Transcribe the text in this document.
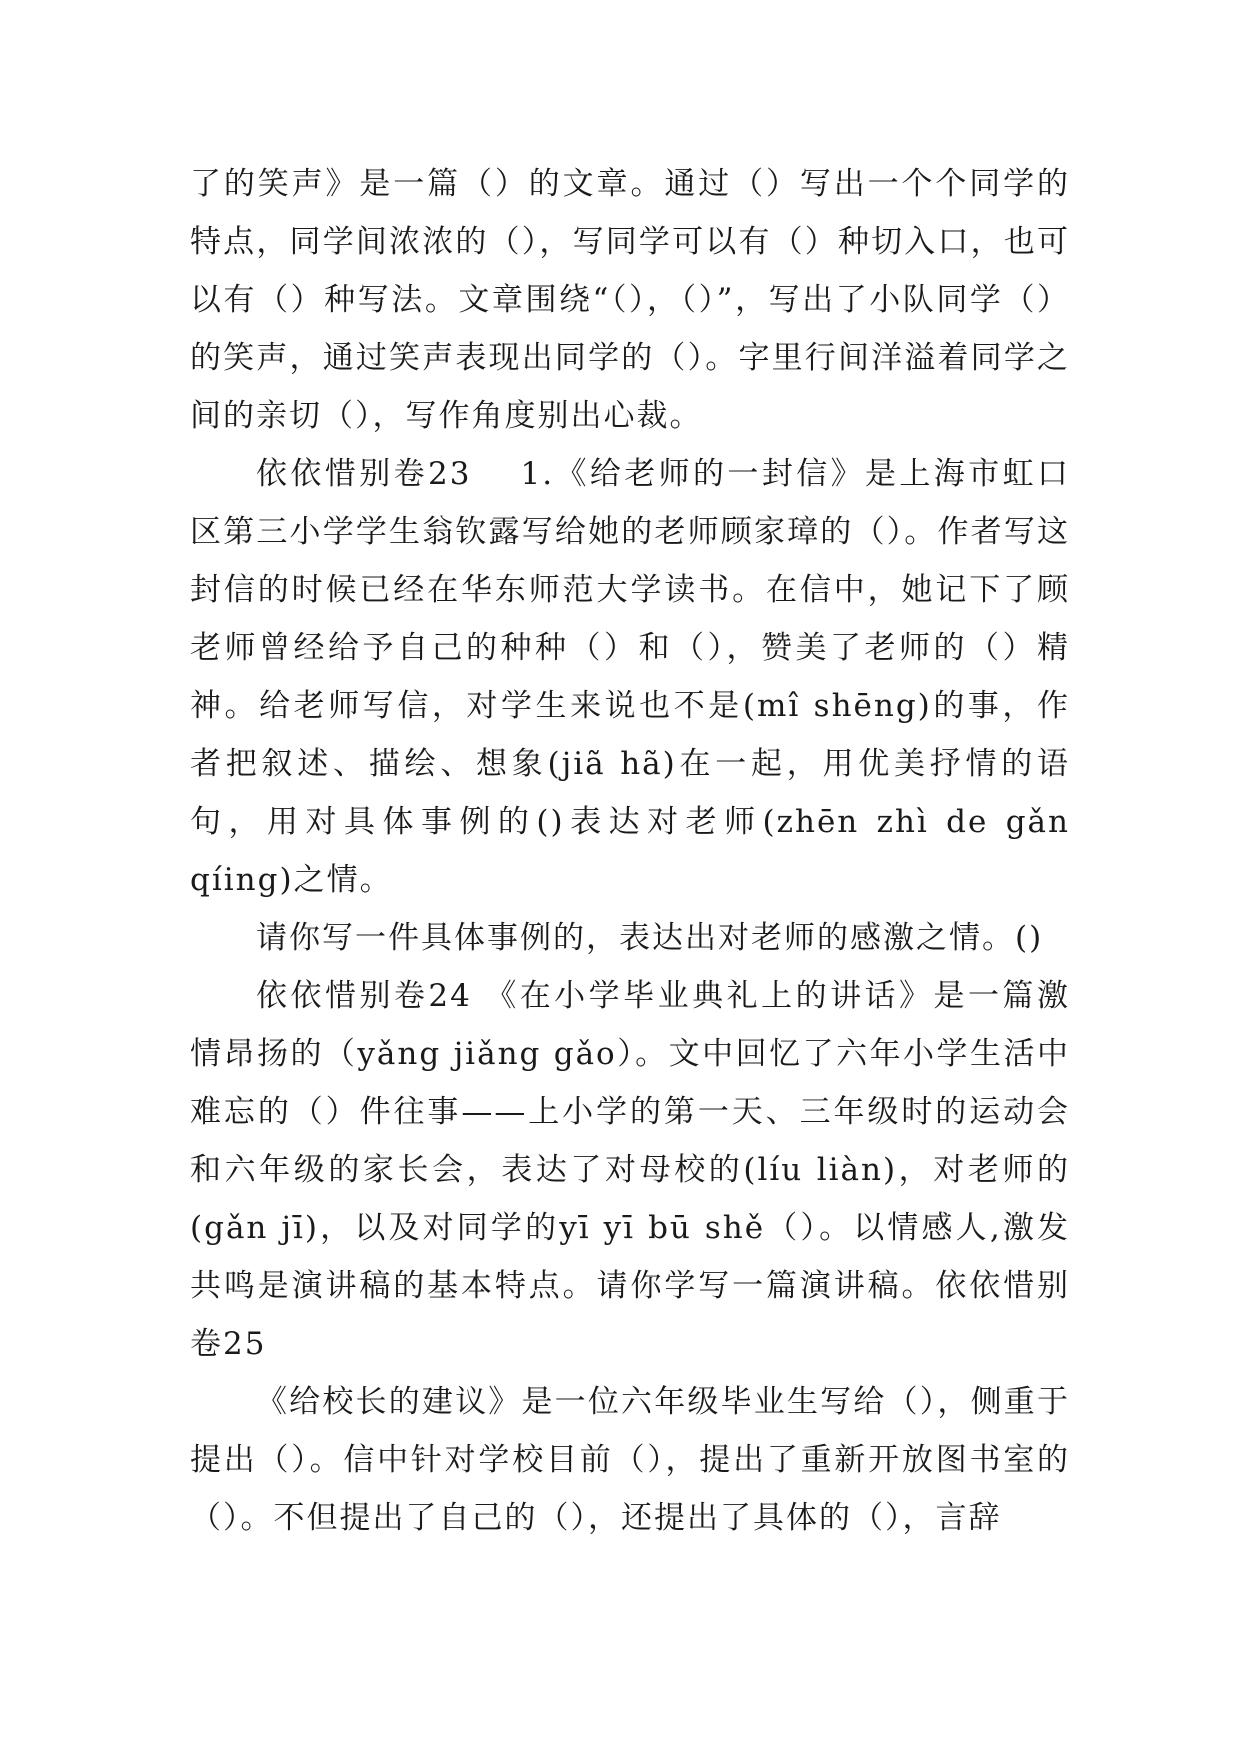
了的笑声》是一篇（）的文章。通过（）写出一个个同学的特点，同学间浓浓的（），写同学可以有（）种切入口，也可以有（）种写法。文章围绕“（），（）”，写出了小队同学（）的笑声，通过笑声表现出同学的（）。字里行间洋溢着同学之间的亲切（），写作角度别出心裁。

依依惜别卷23　 1.《给老师的一封信》是上海市虹口区第三小学学生翁钦露写给她的老师顾家璋的（）。作者写这封信的时候已经在华东师范大学读书。在信中，她记下了顾老师曾经给予自己的种种（）和（），赞美了老师的（）精神。给老师写信，对学生来说也不是(mî shēng)的事，作者把叙述、描绘、想象(jiã hã)在一起，用优美抒情的语句，用对具体事例的()表达对老师(zhēn zhì de gǎn qíing)之情。

请你写一件具体事例的，表达出对老师的感激之情。()

依依惜别卷24 《在小学毕业典礼上的讲话》是一篇激情昂扬的（yǎng jiǎng gǎo）。文中回忆了六年小学生活中难忘的（）件往事——上小学的第一天、三年级时的运动会和六年级的家长会，表达了对母校的(líu liàn)，对老师的(gǎn jī)，以及对同学的yī yī bū shě（）。以情感人,激发共鸣是演讲稿的基本特点。请你学写一篇演讲稿。依依惜别卷25

《给校长的建议》是一位六年级毕业生写给（），侧重于提出（）。信中针对学校目前（），提出了重新开放图书室的（）。不但提出了自己的（），还提出了具体的（），言辞
